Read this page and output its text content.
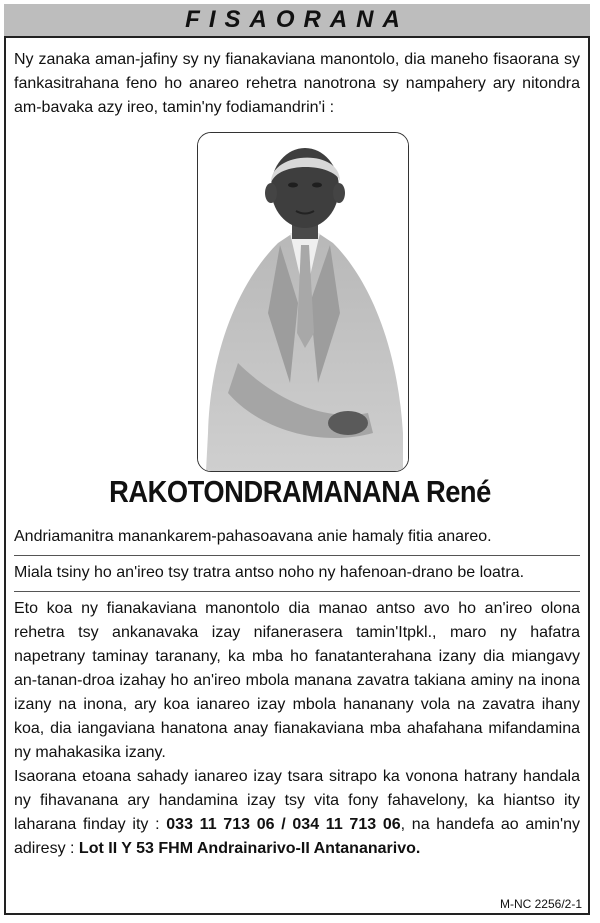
FISAORANA
Ny zanaka aman-jafiny sy ny fianakaviana manontolo, dia maneho fisaorana sy fankasitrahana feno ho anareo rehetra nanotrona sy nampahery ary nitondra am-bavaka azy ireo, tamin'ny fodiamandrin'i :
RAKOTONDRAMANANA René
Andriamanitra manankarem-pahasoavana anie hamaly fitia anareo.
Miala tsiny ho an'ireo tsy tratra antso noho ny hafenoan-drano be loatra.
Eto koa ny fianakaviana manontolo dia manao antso avo ho an'ireo olona rehetra tsy ankanavaka izay nifanerasera tamin'Itpkl., maro ny hafatra napetrany taminay taranany, ka mba ho fanatanterahana izany dia miangavy an-tanan-droa izahay ho an'ireo mbola manana zavatra takiana aminy na inona izany na inona, ary koa ianareo izay mbola hananany vola na zavatra ihany koa, dia iangaviana hanatona anay fianakaviana mba ahafahana mifandamina ny mahakasika izany.
Isaorana etoana sahady ianareo izay tsara sitrapo ka vonona hatrany handala ny fihavanana ary handamina izay tsy vita fony fahavelony, ka hiantso ity laharana finday ity : 033 11 713 06 / 034 11 713 06, na handefa ao amin'ny adiresy : Lot II Y 53 FHM Andrainarivo-II Antananarivo.
M-NC 2256/2-1
